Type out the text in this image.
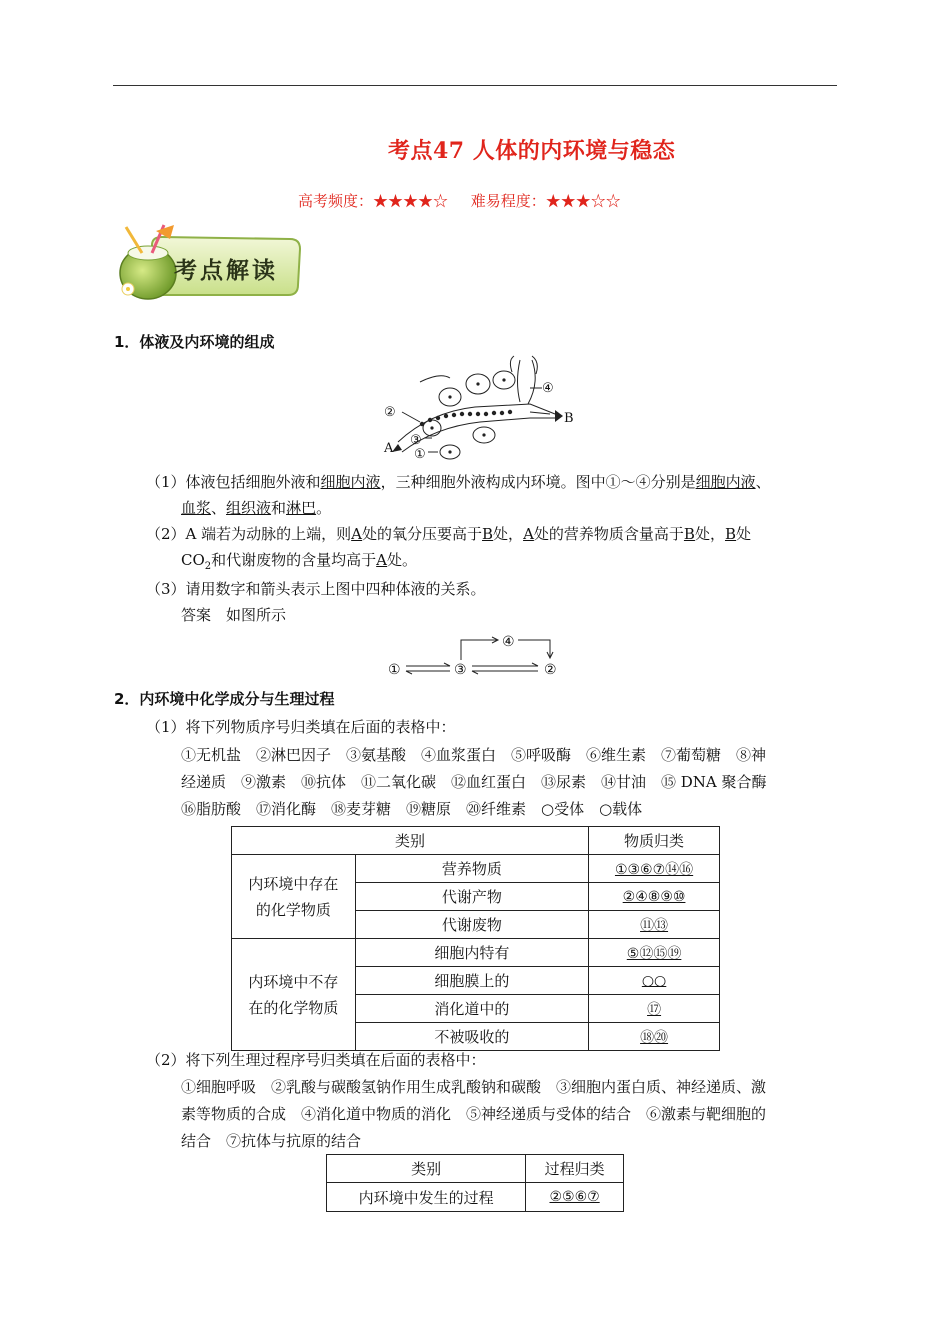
考点47 人体的内环境与稳态
高考频度：★★★★☆ 难易程度：★★★☆☆
考点解读
1．体液及内环境的组成
②
④
B
A
③
①
（1）体液包括细胞外液和细胞内液，三种细胞外液构成内环境。图中①～④分别是细胞内液、
血浆、组织液和淋巴。
（2）A 端若为动脉的上端，则A处的氧分压要高于B处，A处的营养物质含量高于B处，B处
$CO_2$和代谢废物的含量均高于A处。
（3）请用数字和箭头表示上图中四种体液的关系。
答案　如图所示
①	③
④
②
2．内环境中化学成分与生理过程
（1）将下列物质序号归类填在后面的表格中：
①无机盐　②淋巴因子　③氨基酸　④血浆蛋白　⑤呼吸酶　⑥维生素　⑦葡萄糖　⑧神
经递质　⑨激素　⑩抗体　⑪二氧化碳　⑫血红蛋白　⑬尿素　⑭甘油　⑮ DNA 聚合酶
⑯脂肪酸　⑰消化酶　⑱麦芽糖　⑲糖原　⑳纤维素　○受体　○载体
类别		物质归类
内环境中存在
的化学物质	营养物质	①③⑥⑦⑭⑯
	代谢产物	②④⑧⑨⑩
	代谢废物	⑪⑬
内环境中不存
在的化学物质	细胞内特有	⑤⑫⑮⑲
	细胞膜上的	○○
	消化道中的	⑰
	不被吸收的	⑱⑳
（2）将下列生理过程序号归类填在后面的表格中：
①细胞呼吸　②乳酸与碳酸氢钠作用生成乳酸钠和碳酸　③细胞内蛋白质、神经递质、激
素等物质的合成　④消化道中物质的消化　⑤神经递质与受体的结合　⑥激素与靶细胞的
结合　⑦抗体与抗原的结合
类别	过程归类
内环境中发生的过程	②⑤⑥⑦
